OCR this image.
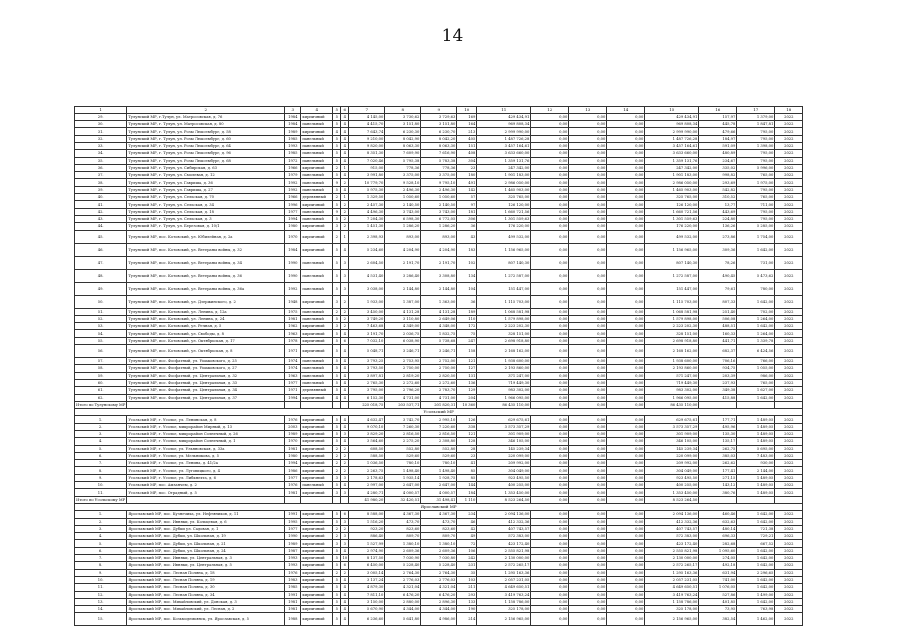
14
1	2	3	4	5	6	7	8	9	10	11	12	13	14	15	16	17	18
29.	Тулунский МР, г.Тулун, ул. Матросовская, д. 76	1984	кирпичный	5	4	4 145,00	3 730,62	3 729,63	169	429 434,91	0,00	0,00	0,00	429 434,91	157,97	1 379,00	2022
30.	Тулунский МР, г. Тулун, ул. Матросовская, д. 80	1984	панельный	5	4	4 415,70	3 151,80	3 151,80	164	969 808,34	0,00	0,00	0,00	969 808,34	445,78	1 847,81	2022
31.	Тулунский МР, г. Тулун, ул. Розы Люксембург, д. 58	1989	кирпичный	4	4	7 643,74	6 230,30	6 230,70	213	2 999 990,00	0,00	0,00	0,00	2 999 990,00	479,66	795,00	2022
32.	Тулунский МР, г. Тулун, ул. Розы Люксембург, д. 60	1985	панельный	5	4	9 210,00	8 042,90	8 042,20	405	1 487 726,28	0,00	0,00	0,00	1 487 726,28	184,97	795,00	2022
33.	Тулунский МР, г. Тулун, ул. Розы Люксембург, д. 64	1993	панельный	5	4	9 820,00	8 063,30	8 063,30	151	3 457 164,61	0,00	0,00	0,00	3 457 164,61	591,09	1 398,00	2022
34.	Тулунский МР, г. Тулун, ул. Розы Люксембург, д. 96	1985	панельный	5	4	8 351,30	7 609,90	7 616,90	408	3 633 660,00	0,00	0,00	0,00	3 633 660,00	480,89	795,00	2022
35.	Тулунский МР, г. Тулун, ул. Розы Люксембург, д. 68	1972	панельный	5	4	7 020,46	5 795,38	5 783,38	304	1 359 131,76	0,00	0,00	0,00	1 359 131,76	234,67	795,00	2022
36.	Тулунский МР, г. Тулун, ул. Сибирская, д. 63	1966	кирпичный	2	1	915,00	778,36	778,36	23	247 342,00	0,00	0,00	0,00	247 342,00	335,02	5 996,00	2022
37.	Тулунский МР, г. Тулун, ул. Смолевая, д. 12	1979	панельный	5	4	3 991,80	3 375,00	3 375,00	180	1 901 183,00	0,00	0,00	0,00	1 901 183,00	998,82	765,00	2022
38.	Тулунский МР, г. Тулун, ул. Гавриша, д. 36	1992	панельный	9	2	10 779,70	9 528,10	9 795,10	491	2 986 050,00	0,00	0,00	0,00	2 986 050,00	293,69	1 975,00	2022
39.	Тулунский МР, г. Тулун, ул. Гавриша, д. 27	1992	панельный	5	4	5 975,30	2 496,30	2 496,30	142	1 465 903,00	0,00	0,00	0,00	1 465 903,00	542,82	795,00	2022
40.	Тулунский МР, г. Тулун, ул. Сельская, д. 70	1966	деревянный	2	1	1 329,50	1 050,60	1 050,60	57	325 765,00	0,00	0,00	0,00	325 765,00	310,52	765,00	2022
41.	Тулунский МР, г. Тулун, ул. Сельская, д. 34	1996	кирпичный	5	2	2 457,30	2 140,50	2 140,50	97	126 120,00	0,00	0,00	0,00	126 120,00	13,77	711,00	2022
42.	Тулунский МР, г. Тулун, ул. Сельская, д. 18	1977	панельный	9	2	4 496,30	3 743,00	3 743,00	181	1 660 721,56	0,00	0,00	0,00	1 660 721,56	443,69	795,00	2022
43.	Тулунский МР, г. Тулун, ул. Сельская, д. 3	1994	панельный	5	2	7 204,30	6 598,30	6 772,05	306	1 301 559,63	0,00	0,00	0,00	1 301 559,63	224,80	795,00	2022
44.	Тулунский МР, г. Тулун, ул. Березовая, д. 10/1	1980	кирпичный	3	2	1 451,30	1 286,20	1 286,20	36	176 220,00	0,00	0,00	0,00	176 220,00	136,26	5 285,00	2022
45.	Тулунский МР, пос. Котовский, ул. Юбилейная, д. 2а	1970	кирпичный	2	1	2 398,93	893,00	893,00	43	499 532,00	0,00	0,00	0,00	499 532,00	273,86	1 754,00	2022
46.	Тулунский МР, пос. Котовский, ул. Ветераны войны, д. 32	1984	кирпичный	5	4	5 234,60	4 204,90	4 204,90	183	1 156 965,00	0,00	0,00	0,00	1 156 965,00	309,36	1 642,00	2022
47.	Тулунский МР, пос. Котовский, ул. Ветераны войны, д. 34	1990	панельный	5	3	2 604,50	2 191,70	2 191,70	102	807 140,30	0,00	0,00	0,00	807 140,30	78,26	731,00	2022
48.	Тулунский МР, пос. Котовский, ул. Ветераны войны, д. 36	1990	панельный	5	3	4 531,40	3 286,40	3 308,80	134	1 272 587,00	0,00	0,00	0,00	1 272 587,00	490,45	5 473,62	2022
49.	Тулунский МР, пос. Котовский, ул. Ветераны войны, д. 36а	1992	панельный	5	3	3 038,00	2 144,80	2 144,80	104	151 447,00	0,00	0,00	0,00	151 447,00	79,61	780,00	2022
50.	Тулунский МР, пос. Котовский, ул. Дзержинского, д. 2	1948	кирпичный	3	2	1 933,00	1 387,00	1 363,00	36	1 115 703,00	0,00	0,00	0,00	1 115 703,00	807,33	1 642,00	2022
51.	Тулунский МР, пос. Котовский, ул. Ленина, д. 12а	1975	панельный	2	2	3 450,00	4 131,28	4 131,28	189	1 068 581,98	0,00	0,00	0,00	1 068 581,98	251,40	702,00	2022
52.	Тулунский МР, пос. Котовский, ул. Ленина, д. 24	1981	панельный	5	2	3 749,20	3 110,80	2 649,06	110	1 579 898,00	0,00	0,00	0,00	1 579 898,00	506,08	1 264,00	2022
53.	Тулунский МР, пос. Котовский, ул. Речная, д. 5	1962	кирпичный	3	2	7 463,68	4 349,00	4 348,00	172	2 223 202,30	0,00	0,00	0,00	2 223 202,30	488,51	1 642,00	2022
54.	Тулунский МР, пос. Котовский, ул. Свободы, д. 8	1963	кирпичный	5	4	3 191,70	2 036,75	1 832,75	75	328 151,00	0,00	0,00	0,00	328 151,00	160,33	1 264,00	2022
55.	Тулунский МР, пос. Котовский, ул. Октябрьская, д. 17	1978	кирпичный	5	6	7 032,10	6 038,90	5 738,68	247	2 698 918,80	0,00	0,00	0,00	2 698 918,80	441,71	1 339,78	2022
56.	Тулунский МР, пос. Котовский, ул. Октябрьская, д. 8	1971	кирпичный	5	4	5 048,71	3 246,71	3 246,71	158	2 168 162,00	0,00	0,00	0,00	2 168 162,00	682,37	6 424,56	2022
57.	Тулунский МР, пос. Фосфатный, ул. Ушаковского, д. 25	1974	панельный	5	4	3 793,25	2 753,95	2 752,00	121	1 938 600,00	0,00	0,00	0,00	1 938 600,00	706,16	766,00	2022
58.	Тулунский МР, пос. Фосфатный, ул. Ушаковского, д. 27	1974	панельный	5	4	3 793,50	2 750,00	2 750,00	127	2 193 860,00	0,00	0,00	0,00	2 193 860,00	934,75	1 055,00	2022
59.	Тулунский МР, пос. Фосфатный, ул. Центральная, д. 32	1963	панельный	5	4	3 897,81	2 819,20	2 820,50	131	371 247,00	0,00	0,00	0,00	571 247,00	203,39	986,00	2022
60.	Тулунский МР, пос. Фосфатный, ул. Центральная, д. 33	1977	панельный	5	4	2 765,30	2 272,60	2 272,60	136	719 449,30	0,00	0,00	0,00	719 449,30	237,93	765,00	2022
61.	Тулунский МР, пос. Фосфатный, ул. Центральная, д. 34	1971	деревянный	5	4	3 795,00	2 796,20	2 783,70	129	983 302,00	0,00	0,00	0,00	983 302,00	349,38	1 627,00	2022
62.	Тулунский МР, пос. Фосфатный, ул. Центральная, д. 37	1994	кирпичный	4	4	6 152,30	4 731,00	4 731,00	204	1 966 095,00	0,00	0,00	0,00	1 966 095,00	415,88	1 642,00	2022
Итого по Тулунскому МР						225 018,75	203 537,71	201 820,31	10 360	86 435 110,00	0,00	0,00	0,00	86 435 110,00			
Усольский МР																	
1.	Усольский МР, г. Усолье, ул. Ленинская, д. 8	1976	кирпичный	5	4	4 632,47	3 742,70	2 995,10	126	629 675,61	0,00	0,00	0,00	629 675,61	177,71	1 489,05	2022
2.	Усольский МР, г. Усолье, микрорайон Мирный, д. 13	2003	кирпичный	5	4	9 070,10	7 260,30	7 220,60	338	3 573 357,29	0,00	0,00	0,00	3 573 357,29	495,96	1 489,05	2022
3.	Усольский МР, г. Усолье, микрорайон Солнечный, д. 26	1989	кирпичный	5	3	3 829,20	2 816,50	2 816,50	121	301 909,00	0,00	0,00	0,00	301 909,00	135,30	1 489,05	2022
4.	Усольский МР, г. Усолье, микрорайон Солнечный, д. 1	1970	кирпичный	5	4	3 564,60	2 275,20	2 308,80	128	346 105,00	0,00	0,00	0,00	346 105,00	135,17	1 489,05	2022
5.	Усольский МР, г. Усолье, ул. Ульяновская, д. 33а	1981	кирпичный	2	2	608,50	552,80	552,80	28	145 239,34	0,00	0,00	0,00	145 239,34	262,75	5 695,00	2022
6.	Усольский МР, г. Усолье, ул. Мельникова, д. 5	1980	кирпичный	2	2	588,50	529,60	529,60	23	220 099,00	0,00	0,00	0,00	220 099,00	385,03	7 483,00	2022
7.	Усольский МР, г. Усолье, ул. Ленина, д. 41/2а	1994	кирпичный	2	2	1 036,50	780,10	780,10	41	209 992,00	0,00	0,00	0,00	209 992,00	262,62	930,00	2022
8.	Усольский МР, г. Усолье, ул. Луговицкого, д. 4	1986	кирпичный	2	2	2 263,75	1 498,40	1 498,40	85	304 049,00	0,00	0,00	0,00	304 049,00	177,41	2 144,00	2022
9.	Усольский МР, г. Усолье, ул. Либкнехта, д. 6	1977	кирпичный	3	3	2 178,63	1 935,14	1 928,75	85	923 495,50	0,00	0,00	0,00	923 495,50	271,15	1 489,05	2022
10.	Усольский МР, пос. Амзанчем, д. 2	1976	панельный	5	4	2 997,00	2 647,00	2 647,00	144	400 255,00	0,00	0,00	0,00	400 255,00	143,12	1 489,05	2022
11.	Усольский МР, пос. Отрадный, д. 5	1981	кирпичный	3	3	4 280,71	4 000,57	4 000,57	184	1 353 450,00	0,00	0,00	0,00	1 353 450,00	380,76	1 489,05	2022
Итого по Усольскому МР						41 980,20	32 420,51	31 498,41	1 110	8 523 264,50	0,00	0,00	0,00	8 523 264,50			
Ярославский МР																	
1.	Ярославский МР, пос. Кузнечиха, ул. Нефтяников, д. 11	1991	кирпичный	5	6	8 588,00	4 367,30	4 367,30	234	2 094 136,00	0,00	0,00	0,00	2 094 136,00	460,46	1 642,00	2022
2.	Ярославский МР, пос. Ивняки, ул. Кольцевая, д. 6	1995	кирпичный	5	3	1 516,20	473,70	473,70	46	412 332,36	0,00	0,00	0,00	412 332,36	632,63	1 642,00	2022
3.	Ярославский МР, пос. Дубки ул. Садовая, д. 1	1977	кирпичный	2	2	923,20	823,60	823,60	42	407 743,57	0,00	0,00	0,00	407 743,57	480,14	721,38	2022
4.	Ярославский МР, пос. Дубки, ул. Школьная, д. 19	1990	кирпичный	2	3	886,40	809,70	809,70	49	572 383,00	0,00	0,00	0,00	572 383,00	696,33	729,21	2022
5.	Ярославский МР, пос. Дубки, ул. Школьная, д. 21	1989	кирпичный	3	3	1 527,99	1 380,10	1 380,10	72	423 172,40	0,00	0,00	0,00	423 172,40	282,68	667,52	2022
6.	Ярославский МР, пос. Дубки, ул. Школьная, д. 24	1987	кирпичный	5	4	2 974,90	2 609,36	2 609,36	106	2 555 821,98	0,00	0,00	0,00	2 555 821,98	1 095,60	1 642,00	2022
7.	Ярославский МР, пос. Ивняки, ул. Центральная, д. 3	1993	кирпичный	5	10	8 137,50	7 030,90	7 030,80	242	2 130 000,00	0,00	0,00	0,00	2 130 000,00	274,05	1 642,00	2022
8.	Ярославский МР, пос. Ивняки, ул. Центральная, д. 5	1993	кирпичный	5	6	6 450,00	5 228,40	5 228,40	231	2 572 265,17	0,00	0,00	0,00	2 572 265,17	492,18	1 642,00	2022
9.	Ярославский МР, пос. Лесная Поляна, д. 18	1976	кирпичный	2	2	3 005,14	2 764,30	2 764,30	35	1 295 163,36	0,00	0,00	0,00	1 295 163,36	631,94	2 296,65	2022
10.	Ярославский МР, пос. Лесная Поляна, д. 19	1983	кирпичный	5	4	3 137,24	2 776,03	2 776,03	103	2 057 231,05	0,00	0,00	0,00	2 057 231,05	741,00	1 642,00	2022
11.	Ярославский МР, пос. Лесная Поляна, д. 30	1985	кирпичный	5	4	4 879,30	4 321,04	4 321,04	211	4 649 650,51	0,00	0,00	0,00	4 649 650,51	1 076,05	1 642,00	2022
12.	Ярославский МР, пос. Лесная Поляна, д. 34	1991	кирпичный	5	4	7 811,10	6 476,20	6 476,20	293	3 419 763,24	0,00	0,00	0,00	3 419 763,24	527,86	1 499,00	2022
13.	Ярославский МР, пос. Михайловский, ул. Донская, д. 3	1981	кирпичный	5	4	3 150,00	2 880,00	2 896,30	133	1 158 786,00	0,00	0,00	0,00	1 158 786,00	401,85	1 642,00	2022
14.	Ярославский МР, пос. Михайловский, ул. Лесная, д. 2	1981	кирпичный	5	4	5 670,90	4 344,00	4 344,00	190	325 178,00	0,00	0,00	0,00	325 178,00	73,95	763,98	2022
15.	Ярославский МР, пос. Козьмодемьянск, ул. Ярославская, д. 5	1988	кирпичный	5	4	6 236,60	5 641,80	4 986,00	214	2 156 965,00	0,00	0,00	0,00	2 156 965,00	382,54	1 462,00	2022
